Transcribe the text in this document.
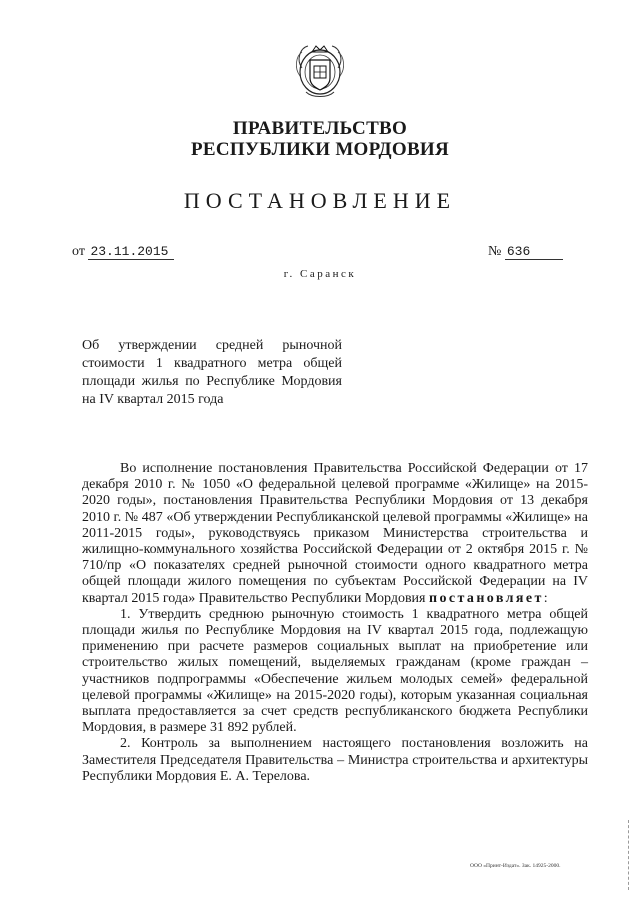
ПРАВИТЕЛЬСТВО
РЕСПУБЛИКИ МОРДОВИЯ
ПОСТАНОВЛЕНИЕ
от 23.11.2015	№ 636
г. Саранск
Об утверждении средней рыночной стоимости 1 квадратного метра общей площади жилья по Республике Мордовия на IV квартал 2015 года

Во исполнение постановления Правительства Российской Федерации от 17 декабря 2010 г. № 1050 «О федеральной целевой программе «Жилище» на 2015-2020 годы», постановления Правительства Республики Мордовия от 13 декабря 2010 г. № 487 «Об утверждении Республиканской целевой программы «Жилище» на 2011-2015 годы», руководствуясь приказом Министерства строительства и жилищно-коммунального хозяйства Российской Федерации от 2 октября 2015 г. № 710/пр «О показателях средней рыночной стоимости одного квадратного метра общей площади жилого помещения по субъектам Российской Федерации на IV квартал 2015 года» Правительство Республики Мордовия постановляет:

1. Утвердить среднюю рыночную стоимость 1 квадратного метра общей площади жилья по Республике Мордовия на IV квартал 2015 года, подлежащую применению при расчете размеров социальных выплат на приобретение или строительство жилых помещений, выделяемых гражданам (кроме граждан – участников подпрограммы «Обеспечение жильем молодых семей» федеральной целевой программы «Жилище» на 2015-2020 годы), которым указанная социальная выплата предоставляется за счет средств республиканского бюджета Республики Мордовия, в размере 31 892 рублей.

2. Контроль за выполнением настоящего постановления возложить на Заместителя Председателя Правительства – Министра строительства и архитектуры Республики Мордовия Е. А. Терелова.

ООО «Принт-Издат». Зак. 14925-2000.
